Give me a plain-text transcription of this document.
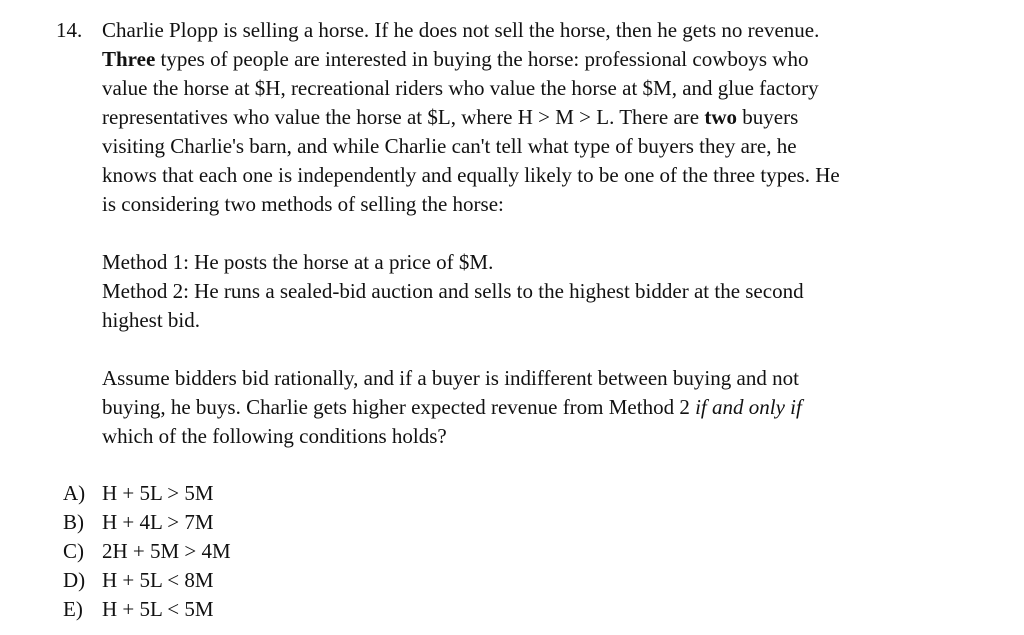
14. Charlie Plopp is selling a horse. If he does not sell the horse, then he gets no revenue.
Three types of people are interested in buying the horse: professional cowboys who
value the horse at $H, recreational riders who value the horse at $M, and glue factory
representatives who value the horse at $L, where H > M > L. There are two buyers
visiting Charlie's barn, and while Charlie can't tell what type of buyers they are, he
knows that each one is independently and equally likely to be one of the three types. He
is considering two methods of selling the horse:
Method 1: He posts the horse at a price of $M.
Method 2: He runs a sealed-bid auction and sells to the highest bidder at the second
highest bid.
Assume bidders bid rationally, and if a buyer is indifferent between buying and not
buying, he buys. Charlie gets higher expected revenue from Method 2 if and only if
which of the following conditions holds?
A) H + 5L > 5M
B) H + 4L > 7M
C) 2H + 5M > 4M
D) H + 5L < 8M
E) H + 5L < 5M
